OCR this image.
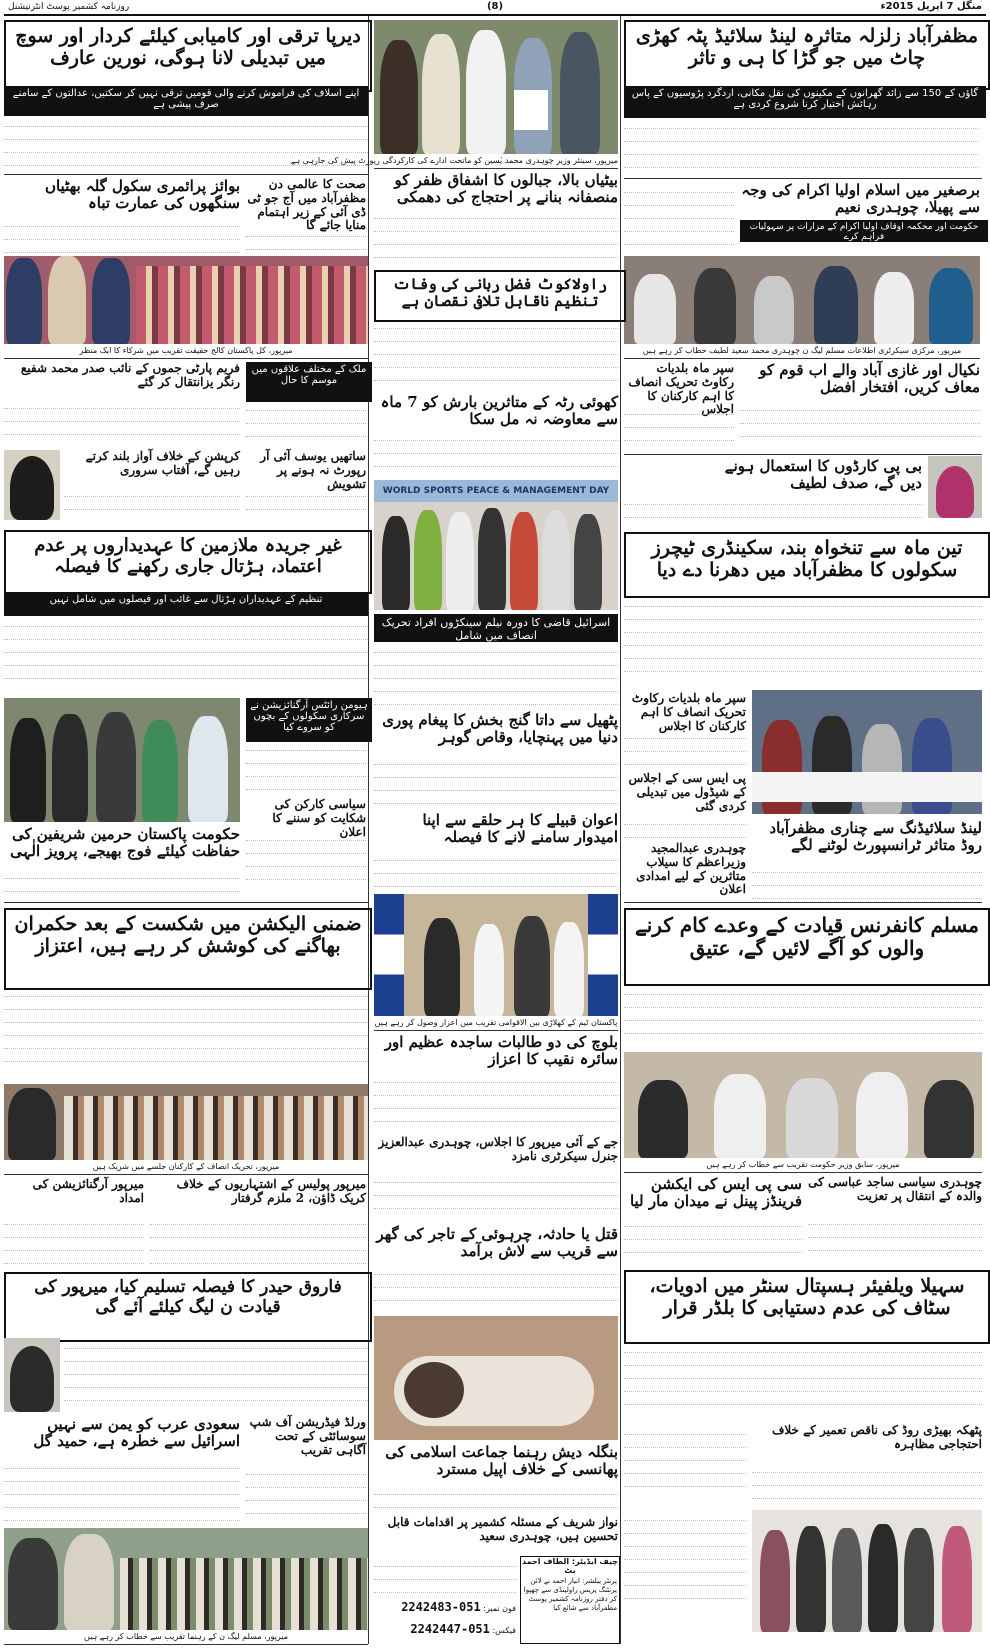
منگل 7 اپریل 2015ء
(8)
روزنامہ کشمیر پوسٹ انٹرنیشنل
مظفرآباد زلزلہ متاثرہ لینڈ سلائیڈ پٹہ کھڑی چاٹ میں جو گڑا کا ہی و تاثر
گاؤں کے 150 سے زائد گھرانوں کے مکینوں کی نقل مکانی، اردگرد پڑوسیوں کے پاس رہائش اختیار کرنا شروع کردی ہے
برصغیر میں اسلام اولیا اکرام کی وجہ سے پھیلا، چوہدری نعیم
حکومت اور محکمہ اوقاف اولیا اکرام کے مزارات پر سہولیات فراہم کرے
میرپور، مرکزی سیکرٹری اطلاعات مسلم لیگ ن چوہدری محمد سعید لطیف خطاب کر رہے ہیں
نکیال اور غازی آباد والے اب قوم کو معاف کریں، افتخار افضل
سپر ماہ بلدیات رکاوٹ تحریک انصاف کا اہم کارکنان کا اجلاس
بی پی کارڈوں کا استعمال ہونے دیں گے، صدف لطیف
تین ماہ سے تنخواہ بند، سکینڈری ٹیچرز سکولوں کا مظفرآباد میں دھرنا دے دیا
سپر ماہ بلدیات رکاوٹ تحریک انصاف کا اہم کارکنان کا اجلاس
پی ایس سی کے اجلاس کے شیڈول میں تبدیلی کردی گئی
لینڈ سلائیڈنگ سے چناری مظفرآباد روڈ متاثر ٹرانسپورٹ لوٹنے لگے
چوہدری عبدالمجید وزیراعظم کا سیلاب متاثرین کے لیے امدادی اعلان
مسلم کانفرنس قیادت کے وعدے کام کرنے والوں کو آگے لائیں گے، عتیق
میرپور، سابق وزیر حکومت تقریب سے خطاب کر رہے ہیں
چوہدری سیاسی ساجد عباسی کی والدہ کے انتقال پر تعزیت
سی پی ایس کی ایکشن فرینڈز پینل نے میدان مار لیا
سہیلا ویلفیئر ہسپتال سنٹر میں ادویات، سٹاف کی عدم دستیابی کا بلڈر قرار
پٹھکہ بھیڑی روڈ کی ناقص تعمیر کے خلاف احتجاجی مظاہرہ
میرپور، سینئر وزیر چوہدری محمد یٰسین کو ماتحت ادارے کی کارکردگی رپورٹ پیش کی جارہی ہے
بیٹیاں بالا، جبالوں کا اشفاق ظفر کو منصفانہ بنانے پر احتجاج کی دھمکی
راولاکوٹ فضل ربانی کی وفات تنظیم ناقابل تلافی نقصان ہے
کھوئی رٹہ کے متاثرین بارش کو 7 ماہ سے معاوضہ نہ مل سکا
WORLD SPORTS PEACE & MANAGEMENT DAY
اسرائیل قاضی کا دورہ نیلم سینکڑوں افراد تحریک انصاف میں شامل
پٹھیل سے داتا گنج بخش کا پیغام پوری دنیا میں پہنچایا، وقاص گوہر
اعوان قبیلے کا ہر حلقے سے اپنا امیدوار سامنے لانے کا فیصلہ
پاکستان ٹیم کے کھلاڑی بین الاقوامی تقریب میں اعزاز وصول کر رہے ہیں
بلوچ کی دو طالبات ساجدہ عظیم اور سائرہ نقیب کا اعزاز
جے کے آئی میرپور کا اجلاس، چوہدری عبدالعزیز جنرل سیکرٹری نامزد
قتل یا حادثہ، چرہوئی کے تاجر کی گھر سے قریب سے لاش برآمد
بنگلہ دیش رہنما جماعت اسلامی کی پھانسی کے خلاف اپیل مسترد
نواز شریف کے مسئلہ کشمیر پر اقدامات قابل تحسین ہیں، چوہدری سعید
چیف ایڈیٹر: الطاف احمد بٹ
پرنٹر پبلشر: انیاز احمد نے لائن پرنٹنگ پریس راولپنڈی سے چھپوا کر دفتر روزنامہ کشمیر پوسٹ مظفرآباد سے شائع کیا
فون نمبر: 051-2242483
فیکس: 051-2242447
دیرپا ترقی اور کامیابی کیلئے کردار اور سوچ میں تبدیلی لانا ہوگی، نورین عارف
اپنے اسلاف کی فراموش کرنے والی قومیں ترقی نہیں کر سکتیں، عدالتوں کے سامنے صرف پیشی ہے
صحت کا عالمی دن مظفرآباد میں آج جو ٹی ڈی آئی کے زیر اہتمام منایا جائے گا
بوائز پرائمری سکول گلہ بھٹیاں سنگھوں کی عمارت تباہ
میرپور، کل پاکستان کالج حقیقت تقریب میں شرکاء کا ایک منظر
فریم پارٹی جموں کے نائب صدر محمد شفیع رنگر یزانتقال کر گئے
ملک کے مختلف علاقوں میں موسم کا حال
کرپشن کے خلاف آواز بلند کرتے رہیں گے، آفتاب سروری
ساتھیں یوسف آئی آر رپورٹ نہ ہونے پر تشویش
غیر جریدہ ملازمین کا عہدیداروں پر عدم اعتماد، ہڑتال جاری رکھنے کا فیصلہ
تنظیم کے عہدیداران ہڑتال سے غائب اور فیصلوں میں شامل نہیں
ہیومن رائٹس آرگنائزیشن نے سرکاری سکولوں کے بچوں کو سروے کیا
سیاسی کارکن کی شکایت کو سننے کا اعلان
حکومت پاکستان حرمین شریفین کی حفاظت کیلئے فوج بھیجے، پرویز الٰہی
ضمنی الیکشن میں شکست کے بعد حکمران بھاگنے کی کوشش کر رہے ہیں، اعتزاز
میرپور، تحریک انصاف کے کارکنان جلسے میں شریک ہیں
میرپور پولیس کے اشتہاریوں کے خلاف کریک ڈاؤن، 2 ملزم گرفتار
میرپور آرگنائزیشن کی امداد
فاروق حیدر کا فیصلہ تسلیم کیا، میرپور کی قیادت ن لیگ کیلئے آئے گی
سعودی عرب کو یمن سے نہیں اسرائیل سے خطرہ ہے، حمید گل
ورلڈ فیڈریشن آف شپ سوسائٹی کے تحت آگاہی تقریب
میرپور، مسلم لیگ ن کے رہنما تقریب سے خطاب کر رہے ہیں
